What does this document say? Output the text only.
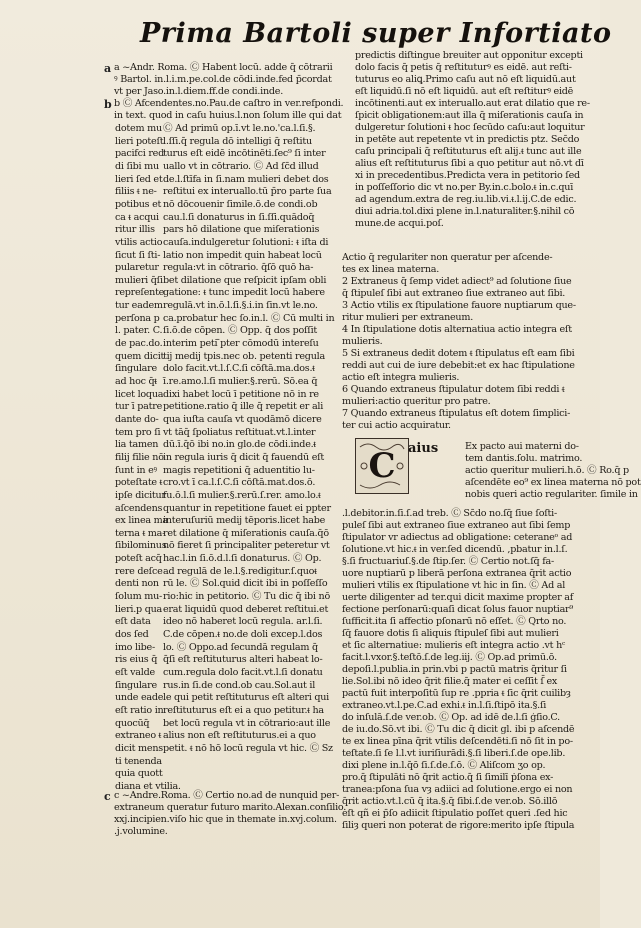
Prima Bartoli super Infortiato
a ~Andr. Roma. Ⓒ Habent locū. adde q̄ cōtrarii
ꝰ Bartol. in.l.i.m.pe.col.de cōdi.inde.fed p̄cordat
vt per Jaso.in.l.diem.ff.de condi.inde.
b Ⓒ Afcendentes.no.Pau.de caſtro in ver.refpondi.
in text. quod in caſu huius.l.non ſolum ille qui dat
dotem mu
lieri poteſt
pacifci red
di ſibi mu
lieri ſed et
filiis ᵵ ne-
potibus et
ca ᵵ acqui
ritur illis
vtilis actio
ſicut ſi ſti-
pularetur
mulieri q̄ſi
repreſente
tur eadem
perſona p
l. pater. C.
de pac.do.
quem dicit
ſingulare
ad hoc q̄ᵵ
licet loqua
tur ī patre
dante do-
tem pro ſi
lia tamen
filij filie nō
ſunt in eꝰ
poteſtate ᵵ
ipſe dicitur
aſcendens
ex linea ma
terna ᵵ ma-
ſibilominus
poteſt acq̄
rere deſce
denti non
ſolum mu-
lieri.p qua
eſt data
dos ſed
imo libe-
ris eius q̄
eſt valde
ſingulare
unde eade
eſt ratio in
quocūq̄
extraneo ᵵ
dicit mens
ti tenenda
quia quott
diana et vtilia.
Ⓒ Ad primū op.ī.vt le.no.'ca.l.ſi.§.
l.ſſi.q̄ regula dō intelligi q̄ reſtitu
turus eſt eidē incōtinēti.ſec⁹ ſi inter
uallo vt in cōtrario. Ⓒ Ad ſc̄d illud
de.l.ſtīfa in ſi.nam mulieri debet dos
reſtitui ex interuallo.tū p̄ro parte ſua
nō dōcouenir ſimile.ō.de condi.ob
cau.l.ſi donaturus in ſi.ſſi.quādoq̄
pars hō dilatione que miſerationis
cauſa.indulgeretur ſolutioni: ᵵ iſta di
latio non impedit quin habeat locū
regula:vt in cōtrario. q̄ſō quō ha-
bet dilatione que reſpicit ipſam obli
gatione: ᵵ tunc impedit locū habere
regulā.vt in.ō.l.ſi.§.i.in ſin.vt le.no.
ca.probatur hec ſo.in.l. Ⓒ Cū multi in
ſi.ō.de cōpen. Ⓒ Opp. q̄ dos poſſit
interim peti ̄pter cōmodū intereſu
tij medij tpis.nec ob. petenti regula
dolo facit.vt.l.ſ.C.ſi cōſtā.ma.dos.ᵵ
ī.re.amo.l.ſi mulier.§.rerū. Sō.ea q̄
dixi habet locū ī petitione nō in re
petitione.ratio q̄ ille q̄ repetit er ali
qua iuſta cauſa vt quodāmō dicere
vt tāq̄ ſpoliatus reſtituat.vt.l.inter
dū.ī.q̄ō ibi no.in glo.de cōdi.inde.ᵵ
in regula iuris q̄ dicit q̄ fauendū eſt
magis repetitioni q̄ aduentitio lu-
cro.vt ī ca.l.ſ.C.ſi cōſtā.mat.dos.ō.
fu.ō.l.ſi mulier.§.rerū.ſ.rer. amo.lo.ᵵ
quantur in repetitione fauet ei ppter
interuſuriū medij tēporis.licet habe
ret dilatione q̄ miſerationis cauſa.q̄ō
nō fieret ſi principaliter peteretur vt
hac.l.in ſi.ō.d.l.ſi donaturus. Ⓒ Op.
ad regulā de le.l.§.redigitur.ſ.quoᵵ
rū le. Ⓒ Sol.quid dicit ibi in poſſeſſo
rio:hic in petitorio. Ⓒ Tu dic q̄ ibi nō
erat liquidū quod deberet reſtitui.et
ideo nō haberet locū regula. ar.l.ſi.
C.de cōpen.ᵵ no.de doli excep.l.dos
lo. Ⓒ Oppo.ad ſecundā regulam q̄
q̄ſi eſt reſtituturus alteri habeat lo-
cum.regula dolo facit.vt.l.ſi donatu
rus.in ſi.de cond.ob cau.Sol.aut il
le qui petit reſtituturus eſt alteri qui
reſtituturus eſt ei a quo petitur.ᵵ ha
bet locū regula vt in cōtrario:aut ille
alius non eſt reſtituturus.ei a quo
petit. ᵵ nō hō locū regula vt hic. Ⓒ Sz
c ~Andre.Roma. Ⓒ Certio no.ad de nunquid per-
extraneum queratur futuro marito.Alexan.conſilio.
xxj.incipien.viſo hic que in themate in.xvj.colum.
.j.volumine.
predictis diſtingue breuiter aut opponitur excepti
dolo facis q̄ petis q̄ reſtituturꝰ es eidē. aut reſti-
tuturus eo aliꝗ.Primo caſu aut nō eſt liquidū.aut
eſt liquidū.ſi nō eſt liquidū. aut eſt reſtiturꝰ eidē
incōtinenti.aut ex interuallo.aut erat dilatio que re-
ſpicit obligationem:aut illa q̄ miſerationis cauſa in
dulgeretur ſolutioni ᵵ hoc ſecūdo caſu:aut loquitur
in petēte aut repetente vt in predictis ptz. Sec̄do
caſu principali q̄ reſtituturus eſt alij.ᵵ tunc aut ille
alius eſt reſtituturus ſibi a quo petitur aut nō.vt dī
xi in precedentibus.Predicta vera in petitorio ſed
in poſſeſſorio dic vt no.per By.in.c.bolo.ᵵ in.c.quī
ad agendum.extra de reg.iu.lib.vi.ᵵ.l.ij.C.de edic.
diui adria.tol.dixi plene in.l.naturaliter.§.nihil cō
mune.de acqui.poſ.
Actio q̄ regulariter non queratur per aſcende-
tes ex linea materna.
2 Extraneus q̄ ſemp videt adiect⁹ ad ſolutione ſiue
q̄ ſtipuleſ ſibi aut extraneo ſiue extraneo aut ſibi.
3 Actio vtilis ex ſtipulatione fauore nuptiarum que-
ritur mulieri per extraneum.
4 In ſtipulatione dotis alternatiua actio integra eſt
mulieris.
5 Si extraneus dedit dotem ᵵ ſtipulatus eſt eam ſibi
reddi aut cui de iure debebit:et ex hac ſtipulatione
actio eſt integra mulieris.
6 Quando extraneus ſtipulatur dotem ſibi reddi ᵵ
mulieri:actio queritur pro patre.
7 Quando extraneus ſtipulatus eſt dotem ſimplici-
ter cui actio acquiratur.
Ex pacto aui materni do-
tem dantis.ſolu. matrimo.
actio queritur mulieri.h.ō. Ⓒ Ro.q̄ p
aſcendēte eo⁹ ex linea materna nō pot
nobis queri actio regulariter. ſimile in
.l.debitor.in.ſi.ſ.ad treb. Ⓒ Sc̄do no.ſq̄ ſiue ſoſti-
puleſ ſibi aut extraneo ſiue extraneo aut ſibi ſemp
ſtipulator vr adiectus ad obligatione: ceteraneᵒ ad
ſolutione.vt hic.ᵵ in ver.ſed dicendū. ,pbatur in.l.ſ.
§.ſi fructuariuſ.§.de ſtip.ſer. Ⓒ Certio not.ſq̄ fa-
uore nuptiarū p liberā perſona extranea q̄rit actio
mulieri vtilis ex ſtipulatione vt hic in ſin. Ⓒ Ad al
uerte diligenter ad ter.qui dicit maxime propter af
fectione perſonarū:quaſi dicat ſolus fauor nuptiar⁹
ſufficit.ita ſi affectio pſonarū nō eſſet. Ⓒ Qrto no.
ſq̄ fauore dotis ſi aliquis ſtipuleſ ſibi aut mulieri
et ſic alternatiue: mulieris eſt integra actio .vt hᶜ
facit.l.vxor.§.teſtō.ſ.de leg.iij. Ⓒ Op.ad primū.ō.
depoſi.l.publia.in prin.vbi p pactū matris q̄ritur ſi
lie.Sol.ibi nō ideo q̄rit filie.q̄ mater ei ceſſit ſ̄ ex
pactū fuit interpoſitū ſup re .ppria ᵵ ſic q̄rit cuilibȝ
extraneo.vt.l.pe.C.ad exhi.ᵵ in.l.ſi.ſtipō ita.§.ſi
do inſulā.ſ.de ver.ob. Ⓒ Op. ad idē de.l.ſi ģſio.C.
de iu.do.Sō.vt ibi. Ⓒ Tu dic q̄ dicit gl. ibi p aſcendē
te ex linea pīna q̄rit vtilis deſcendēti.ſi nō ſit in po-
teſtate.ſi ſe l.l.vt iuriſiurādi.§.ſi liberi.ſ.de ope.lib.
dixi plene in.l.q̄ō ſi.ſ.de.ſ.ō. Ⓒ Aliſcom ʒo op.
pro.q̄ ſtipulāti nō q̄rit actio.q̄ ſi ſimilī ṗſona ex-
tranea:pſona ſua vȝ adiici ad ſolutione.ergo ei non
q̄rit actio.vt.l.cū q̄ ita.§.q̄ ſibi.ſ.de ver.ob. Sō.illō
eſt qñ ei p̄ſo adiicit ſtipulatio poſſet queri .ſed hic
ſiliȝ queri non poterat de rigore:merito ipſe ſtipula
a
b
c
C aius
